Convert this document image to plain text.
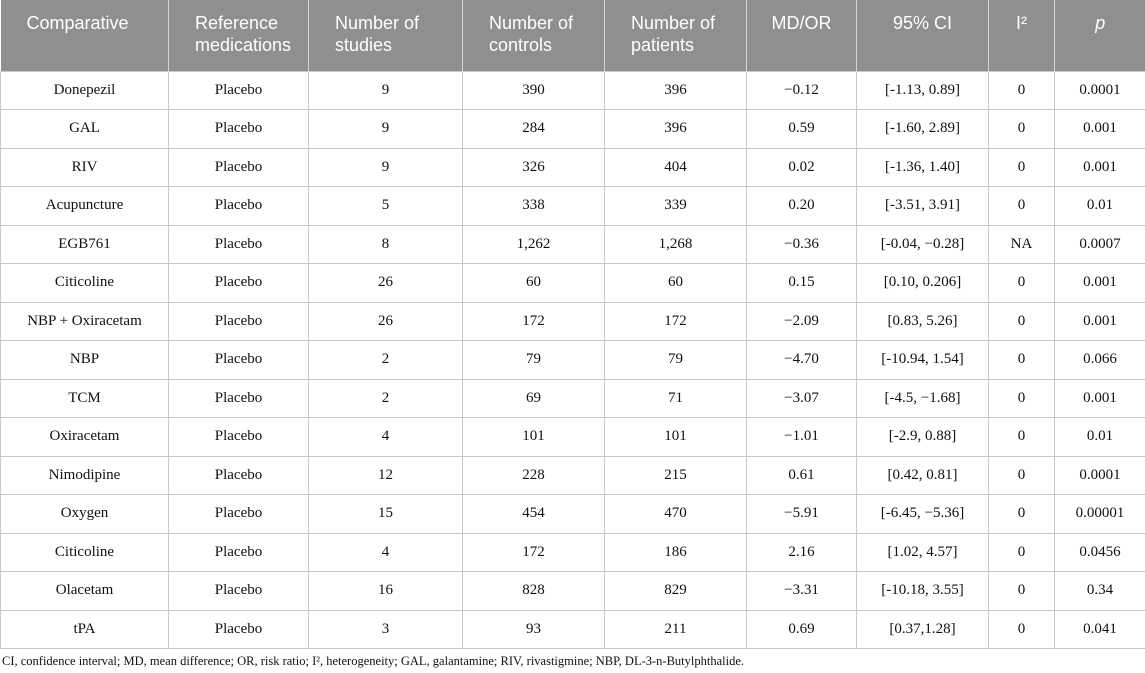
Comparative	Reference medications	Number of studies	Number of controls	Number of patients	MD/OR	95% CI	I²	p
Donepezil	Placebo	9	390	396	−0.12	[-1.13, 0.89]	0	0.0001
GAL	Placebo	9	284	396	0.59	[-1.60, 2.89]	0	0.001
RIV	Placebo	9	326	404	0.02	[-1.36, 1.40]	0	0.001
Acupuncture	Placebo	5	338	339	0.20	[-3.51, 3.91]	0	0.01
EGB761	Placebo	8	1,262	1,268	−0.36	[-0.04, −0.28]	NA	0.0007
Citicoline	Placebo	26	60	60	0.15	[0.10, 0.206]	0	0.001
NBP + Oxiracetam	Placebo	26	172	172	−2.09	[0.83, 5.26]	0	0.001
NBP	Placebo	2	79	79	−4.70	[-10.94, 1.54]	0	0.066
TCM	Placebo	2	69	71	−3.07	[-4.5, −1.68]	0	0.001
Oxiracetam	Placebo	4	101	101	−1.01	[-2.9, 0.88]	0	0.01
Nimodipine	Placebo	12	228	215	0.61	[0.42, 0.81]	0	0.0001
Oxygen	Placebo	15	454	470	−5.91	[-6.45, −5.36]	0	0.00001
Citicoline	Placebo	4	172	186	2.16	[1.02, 4.57]	0	0.0456
Olacetam	Placebo	16	828	829	−3.31	[-10.18, 3.55]	0	0.34
tPA	Placebo	3	93	211	0.69	[0.37,1.28]	0	0.041
CI, confidence interval; MD, mean difference; OR, risk ratio; I², heterogeneity; GAL, galantamine; RIV, rivastigmine; NBP, DL-3-n-Butylphthalide.
